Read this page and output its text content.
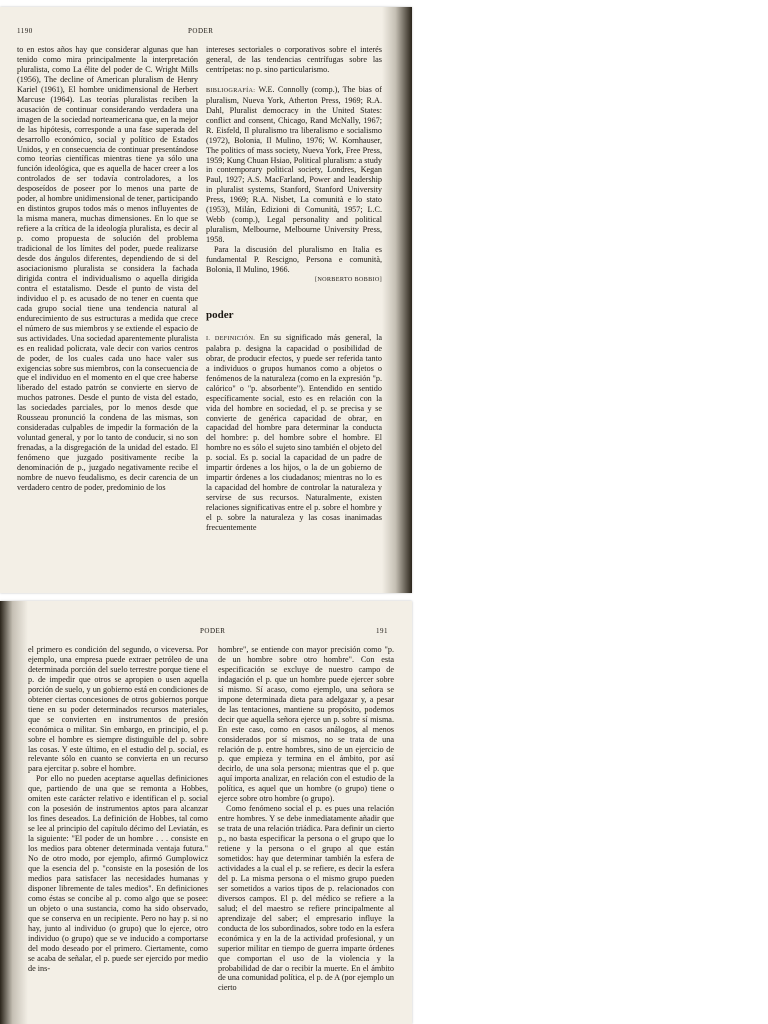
1190	PODER

to en estos años hay que considerar algunas que han tenido como mira principalmente la interpretación pluralista, como La élite del poder de C. Wright Mills (1956), The decline of American pluralism de Henry Kariel (1961), El hombre unidimensional de Herbert Marcuse (1964). Las teorías pluralistas reciben la acusación de continuar considerando verdadera una imagen de la sociedad norteamericana que, en la mejor de las hipótesis, corresponde a una fase superada del desarrollo económico, social y político de Estados Unidos, y en consecuencia de continuar presentándose como teorías científicas mientras tiene ya sólo una función ideológica, que es aquella de hacer creer a los controlados de ser todavía controladores, a los desposeídos de poseer por lo menos una parte de poder, al hombre unidimensional de tener, participando en distintos grupos todos más o menos influyentes de la misma manera, muchas dimensiones. En lo que se refiere a la crítica de la ideología pluralista, es decir al p. como propuesta de solución del problema tradicional de los límites del poder, puede realizarse desde dos ángulos diferentes, dependiendo de si del asociacionismo pluralista se considera la fachada dirigida contra el individualismo o aquella dirigida contra el estatalismo. Desde el punto de vista del individuo el p. es acusado de no tener en cuenta que cada grupo social tiene una tendencia natural al endurecimiento de sus estructuras a medida que crece el número de sus miembros y se extiende el espacio de sus actividades. Una sociedad aparentemente pluralista es en realidad policrata, vale decir con varios centros de poder, de los cuales cada uno hace valer sus exigencias sobre sus miembros, con la consecuencia de que el individuo en el momento en el que cree haberse liberado del estado patrón se convierte en siervo de muchos patrones. Desde el punto de vista del estado, las sociedades parciales, por lo menos desde que Rousseau pronunció la condena de las mismas, son consideradas culpables de impedir la formación de la voluntad general, y por lo tanto de conducir, si no son frenadas, a la disgregación de la unidad del estado. El fenómeno que juzgado positivamente recibe la denominación de p., juzgado negativamente recibe el nombre de nuevo feudalismo, es decir carencia de un verdadero centro de poder, predominio de los

intereses sectoriales o corporativos sobre el interés general, de las tendencias centrífugas sobre las centrípetas: no p. sino particularismo.

BIBLIOGRAFÍA: W.E. Connolly (comp.), The bias of pluralism, Nueva York, Atherton Press, 1969; R.A. Dahl, Pluralist democracy in the United States: conflict and consent, Chicago, Rand McNally, 1967; R. Eisfeld, Il pluralismo tra liberalismo e socialismo (1972), Bolonia, Il Mulino, 1976; W. Kornhauser, The politics of mass society, Nueva York, Free Press, 1959; Kung Chuan Hsiao, Political pluralism: a study in contemporary political society, Londres, Kegan Paul, 1927; A.S. MacFarland, Power and leadership in pluralist systems, Stanford, Stanford University Press, 1969; R.A. Nisbet, La comunità e lo stato (1953), Milán, Edizioni di Comunità, 1957; L.C. Webb (comp.), Legal personality and political pluralism, Melbourne, Melbourne University Press, 1958.

Para la discusión del pluralismo en Italia es fundamental P. Rescigno, Persona e comunità, Bolonia, Il Mulino, 1966.

[NORBERTO BOBBIO]

poder

I. DEFINICIÓN. En su significado más general, la palabra p. designa la capacidad o posibilidad de obrar, de producir efectos, y puede ser referida tanto a individuos o grupos humanos como a objetos o fenómenos de la naturaleza (como en la expresión "p. calórico" o "p. absorbente"). Entendido en sentido específicamente social, esto es en relación con la vida del hombre en sociedad, el p. se precisa y se convierte de genérica capacidad de obrar, en capacidad del hombre para determinar la conducta del hombre: p. del hombre sobre el hombre. El hombre no es sólo el sujeto sino también el objeto del p. social. Es p. social la capacidad de un padre de impartir órdenes a los hijos, o la de un gobierno de impartir órdenes a los ciudadanos; mientras no lo es la capacidad del hombre de controlar la naturaleza y servirse de sus recursos. Naturalmente, existen relaciones significativas entre el p. sobre el hombre y el p. sobre la naturaleza y las cosas inanimadas frecuentemente

PODER	191

el primero es condición del segundo, o viceversa. Por ejemplo, una empresa puede extraer petróleo de una determinada porción del suelo terrestre porque tiene el p. de impedir que otros se apropien o usen aquella porción de suelo, y un gobierno está en condiciones de obtener ciertas concesiones de otros gobiernos porque tiene en su poder determinados recursos materiales, que se convierten en instrumentos de presión económica o militar. Sin embargo, en principio, el p. sobre el hombre es siempre distinguible del p. sobre las cosas. Y este último, en el estudio del p. social, es relevante sólo en cuanto se convierta en un recurso para ejercitar p. sobre el hombre.

Por ello no pueden aceptarse aquellas definiciones que, partiendo de una que se remonta a Hobbes, omiten este carácter relativo e identifican el p. social con la posesión de instrumentos aptos para alcanzar los fines deseados. La definición de Hobbes, tal como se lee al principio del capítulo décimo del Leviatán, es la siguiente: "El poder de un hombre . . . consiste en los medios para obtener determinada ventaja futura." No de otro modo, por ejemplo, afirmó Gumplowicz que la esencia del p. "consiste en la posesión de los medios para satisfacer las necesidades humanas y disponer libremente de tales medios". En definiciones como éstas se concibe al p. como algo que se posee: un objeto o una sustancia, como ha sido observado, que se conserva en un recipiente. Pero no hay p. si no hay, junto al individuo (o grupo) que lo ejerce, otro individuo (o grupo) que se ve inducido a comportarse del modo deseado por el primero. Ciertamente, como se acaba de señalar, el p. puede ser ejercido por medio de ins-

hombre", se entiende con mayor precisión como "p. de un hombre sobre otro hombre". Con esta especificación se excluye de nuestro campo de indagación el p. que un hombre puede ejercer sobre sí mismo. Sí acaso, como ejemplo, una señora se impone determinada dieta para adelgazar y, a pesar de las tentaciones, mantiene su propósito, podemos decir que aquella señora ejerce un p. sobre sí misma. En este caso, como en casos análogos, al menos considerados por sí mismos, no se trata de una relación de p. entre hombres, sino de un ejercicio de p. que empieza y termina en el ámbito, por así decirlo, de una sola persona; mientras que el p. que aquí importa analizar, en relación con el estudio de la política, es aquel que un hombre (o grupo) tiene o ejerce sobre otro hombre (o grupo).

Como fenómeno social el p. es pues una relación entre hombres. Y se debe inmediatamente añadir que se trata de una relación triádica. Para definir un cierto p., no basta especificar la persona o el grupo que lo retiene y la persona o el grupo al que están sometidos: hay que determinar también la esfera de actividades a la cual el p. se refiere, es decir la esfera del p. La misma persona o el mismo grupo pueden ser sometidos a varios tipos de p. relacionados con diversos campos. El p. del médico se refiere a la salud; el del maestro se refiere principalmente al aprendizaje del saber; el empresario influye la conducta de los subordinados, sobre todo en la esfera económica y en la de la actividad profesional, y un superior militar en tiempo de guerra imparte órdenes que comportan el uso de la violencia y la probabilidad de dar o recibir la muerte. En el ámbito de una comunidad política, el p. de A (por ejemplo un cierto
